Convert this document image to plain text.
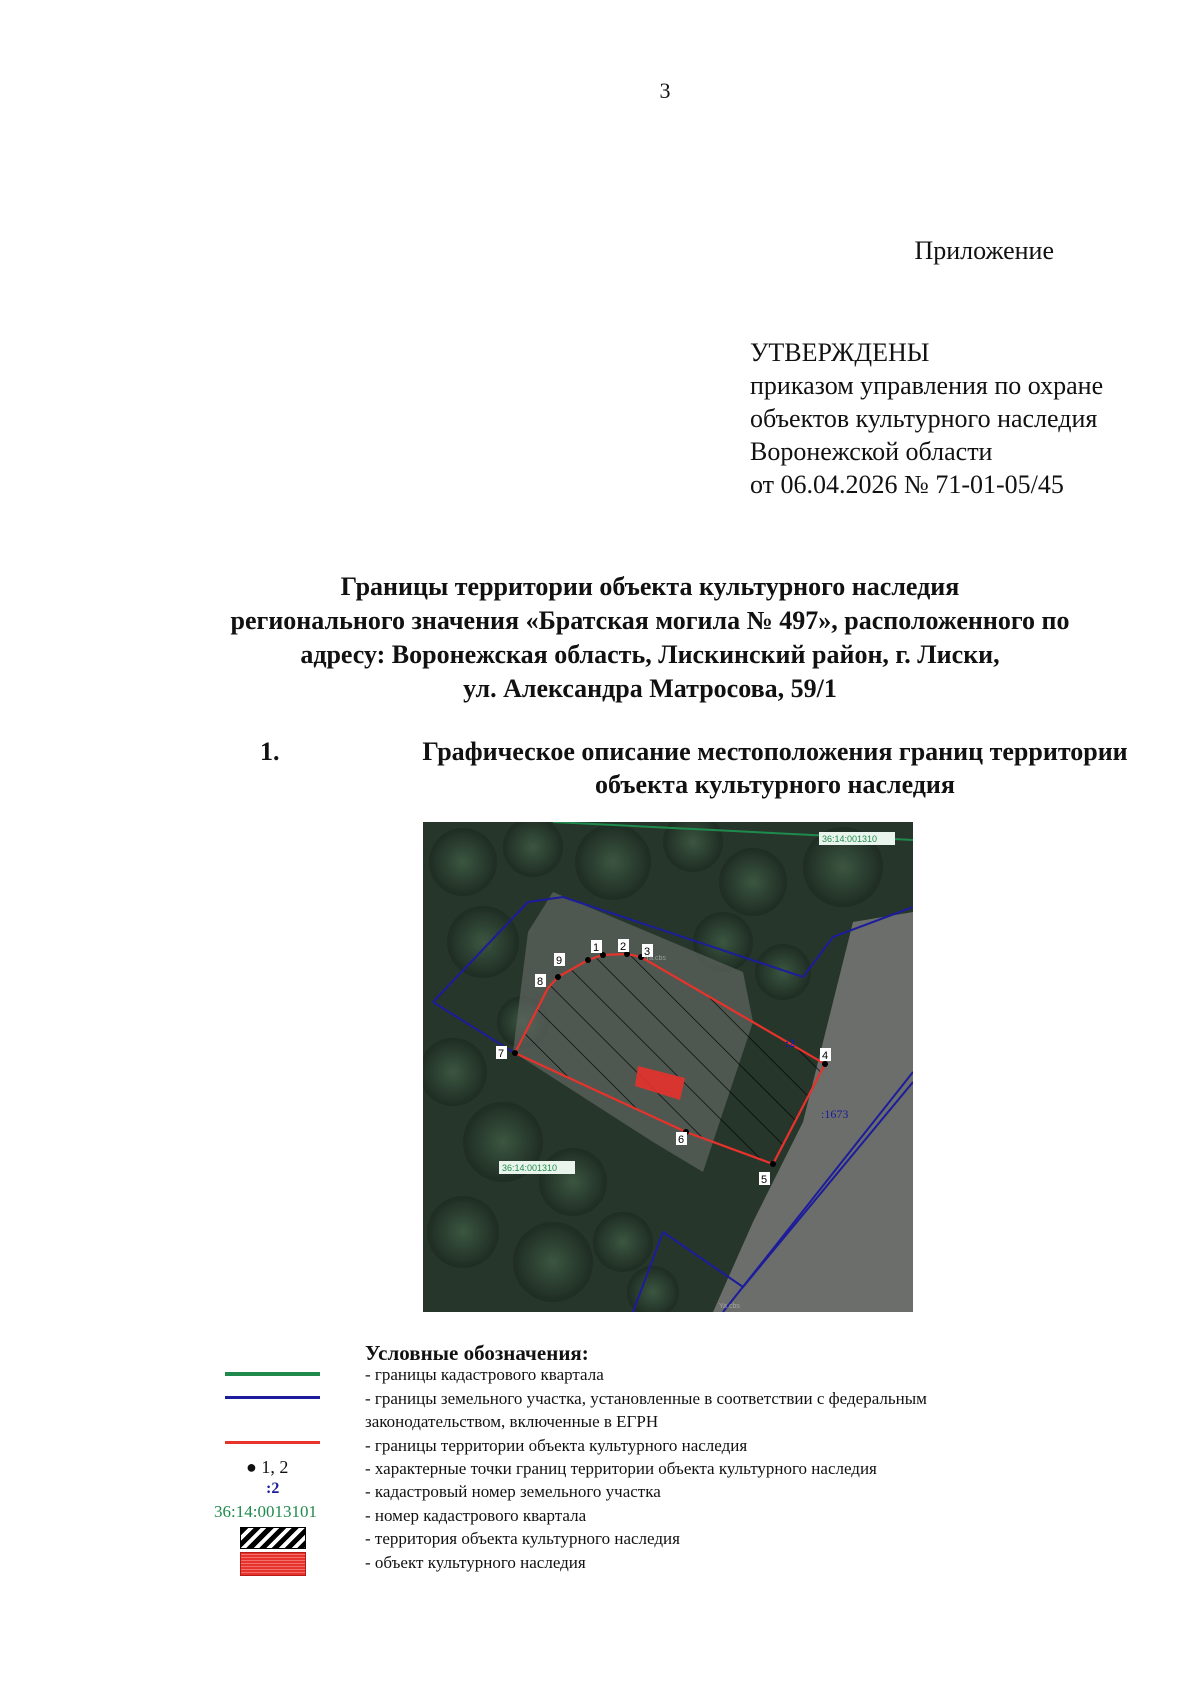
3
Приложение
УТВЕРЖДЕНЫ
приказом управления по охране
объектов культурного наследия
Воронежской области
от 06.04.2026 № 71-01-05/45
Границы территории объекта культурного наследия
регионального значения «Братская могила № 497», расположенного по
адресу: Воронежская область, Лискинский район, г. Лиски,
ул. Александра Матросова, 59/1
1.	Графическое описание местоположения границ территории
объекта культурного наследия
1 2 3
4
5
6
7
8
9
:2
:1673
36:14:001310
36:14:001310
Ya.cbs
Ya.cbs
Условные обозначения:
- границы кадастрового квартала
- границы земельного участка, установленные в соответствии с федеральным
законодательством, включенные в ЕГРН
- границы территории объекта культурного наследия
● 1, 2	- характерные точки границ территории объекта культурного наследия
:2	- кадастровый номер земельного участка
36:14:0013101	- номер кадастрового квартала
- территория объекта культурного наследия
- объект культурного наследия
